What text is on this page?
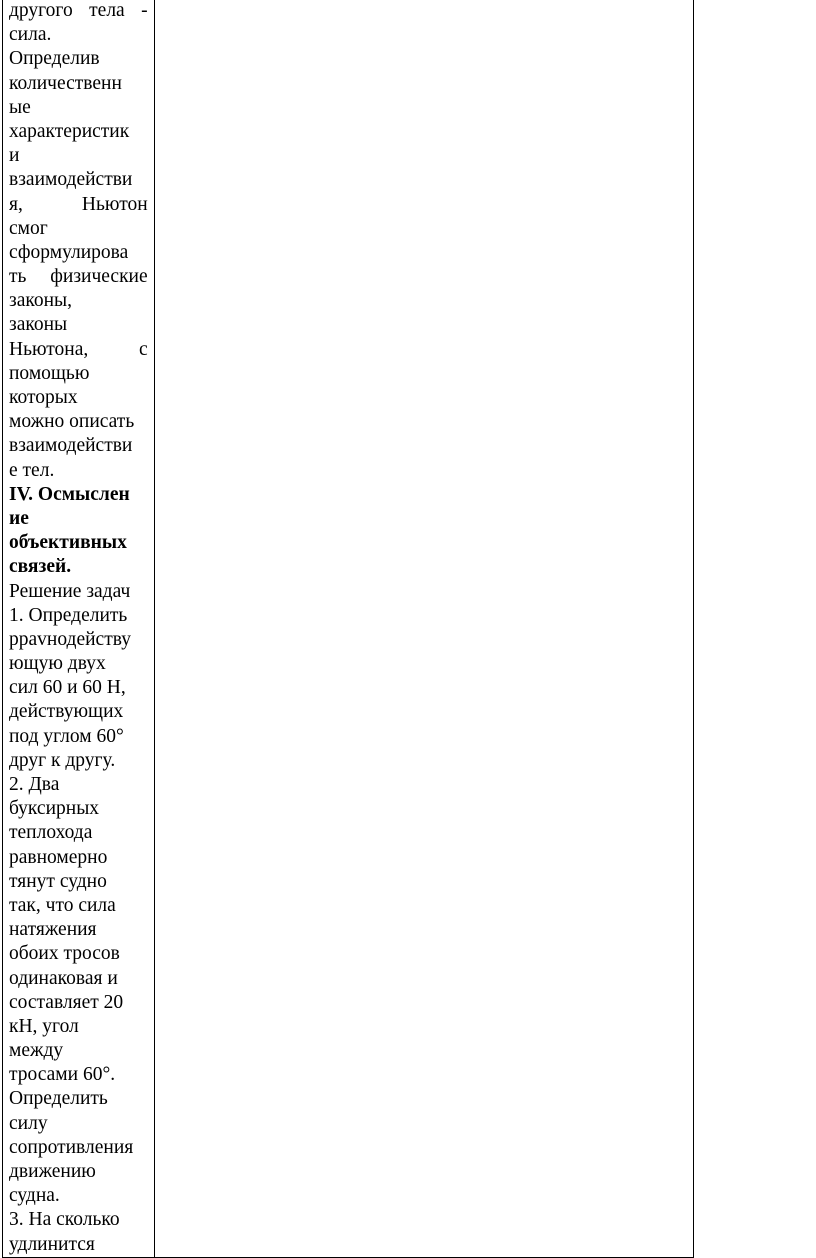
другого тела -
сила.
Определив
количественн
ые
характеристик
и
взаимодействи
я,	Ньютон
смог
сформулирова
ть физические
законы,
законы
Ньютона,	с
помощью
которых
можно описать
взаимодействи
е тел.
IV. Осмыслен
ие
объективных
связей.
Решение задач
1. Определить
ррavнодейству
ющую двух
сил 60 и 60 Н,
действующих
под углом 60°
друг к другу.
2. Два
буксирных
теплохода
равномерно
тянут судно
так, что сила
натяжения
обоих тросов
одинаковая и
составляет 20
кН, угол
между
тросами 60°.
Определить
силу
сопротивления
движению
судна.
3. На сколько
удлинится
